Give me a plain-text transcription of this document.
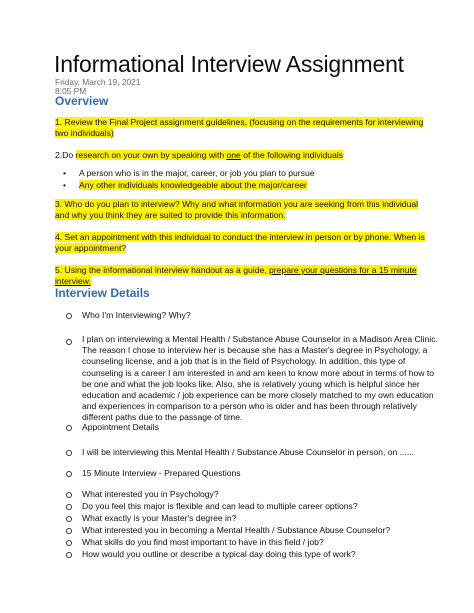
Informational Interview Assignment
Friday, March 19, 2021
8:05 PM
Overview
1. Review the Final Project assignment guidelines, (focusing on the requirements for interviewing two individuals)
2.Do research on your own by speaking with one of the following individuals
• A person who is in the major, career, or job you plan to pursue
• Any other individuals knowledgeable about the major/career
3. Who do you plan to interview? Why and what information you are seeking from this individual and why you think they are suited to provide this information.
4. Set an appointment with this individual to conduct the interview in person or by phone. When is your appointment?
5. Using the informational interview handout as a guide, prepare your questions for a 15 minute interview.
Interview Details
Who I'm Interviewing? Why?
I plan on interviewing a Mental Health / Substance Abuse Counselor in a Madison Area Clinic. The reason I chose to interview her is because she has a Master's degree in Psychology, a counseling license, and a job that is in the field of Psychology. In addition, this type of counseling is a career I am interested in and am keen to know more about in terms of how to be one and what the job looks like. Also, she is relatively young which is helpful since her education and academic / job experience can be more closely matched to my own education and experiences in comparison to a person who is older and has been through relatively different paths due to the passage of time.
Appointment Details
I will be interviewing this Mental Health / Substance Abuse Counselor in person, on ......
15 Minute Interview - Prepared Questions
What interested you in Psychology?
Do you feel this major is flexible and can lead to multiple career options?
What exactly is your Master's degree in?
What interested you in becoming a Mental Health / Substance Abuse Counselor?
What skills do you find most important to have in this field / job?
How would you outline or describe a typical day doing this type of work?
